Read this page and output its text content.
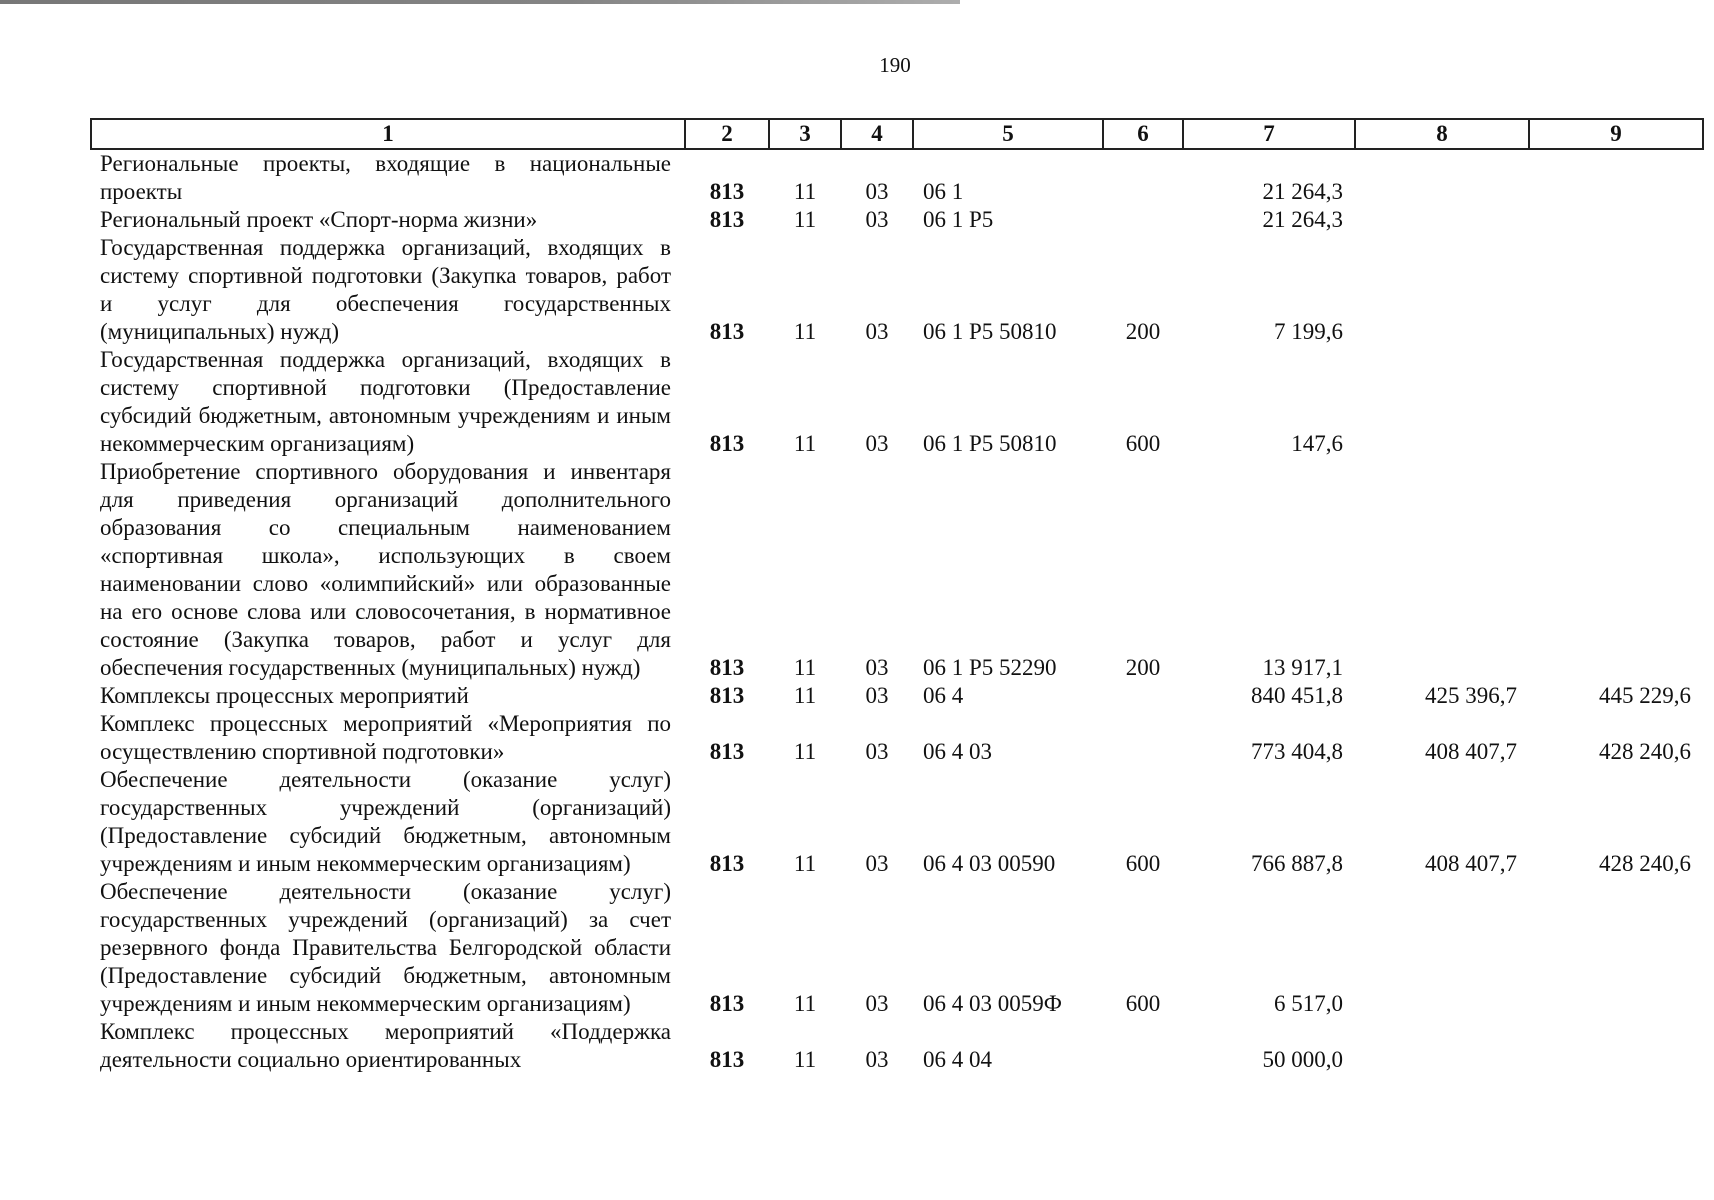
190
1	2	3	4	5	6	7	8	9
Региональные проекты, входящие в национальные проекты	813	11	03	06 1		21 264,3		
Региональный проект «Спорт-норма жизни»	813	11	03	06 1 Р5		21 264,3		
Государственная поддержка организаций, входящих в систему спортивной подготовки (Закупка товаров, работ и услуг для обеспечения государственных (муниципальных) нужд)	813	11	03	06 1 Р5 50810	200	7 199,6		
Государственная поддержка организаций, входящих в систему спортивной подготовки (Предоставление субсидий бюджетным, автономным учреждениям и иным некоммерческим организациям)	813	11	03	06 1 Р5 50810	600	147,6		
Приобретение спортивного оборудования и инвентаря для приведения организаций дополнительного образования со специальным наименованием «спортивная школа», использующих в своем наименовании слово «олимпийский» или образованные на его основе слова или словосочетания, в нормативное состояние (Закупка товаров, работ и услуг для обеспечения государственных (муниципальных) нужд)	813	11	03	06 1 Р5 52290	200	13 917,1		
Комплексы процессных мероприятий	813	11	03	06 4		840 451,8	425 396,7	445 229,6
Комплекс процессных мероприятий «Мероприятия по осуществлению спортивной подготовки»	813	11	03	06 4 03		773 404,8	408 407,7	428 240,6
Обеспечение деятельности (оказание услуг) государственных учреждений (организаций) (Предоставление субсидий бюджетным, автономным учреждениям и иным некоммерческим организациям)	813	11	03	06 4 03 00590	600	766 887,8	408 407,7	428 240,6
Обеспечение деятельности (оказание услуг) государственных учреждений (организаций) за счет резервного фонда Правительства Белгородской области (Предоставление субсидий бюджетным, автономным учреждениям и иным некоммерческим организациям)	813	11	03	06 4 03 0059Ф	600	6 517,0		
Комплекс процессных мероприятий «Поддержка деятельности социально ориентированных	813	11	03	06 4 04		50 000,0		
